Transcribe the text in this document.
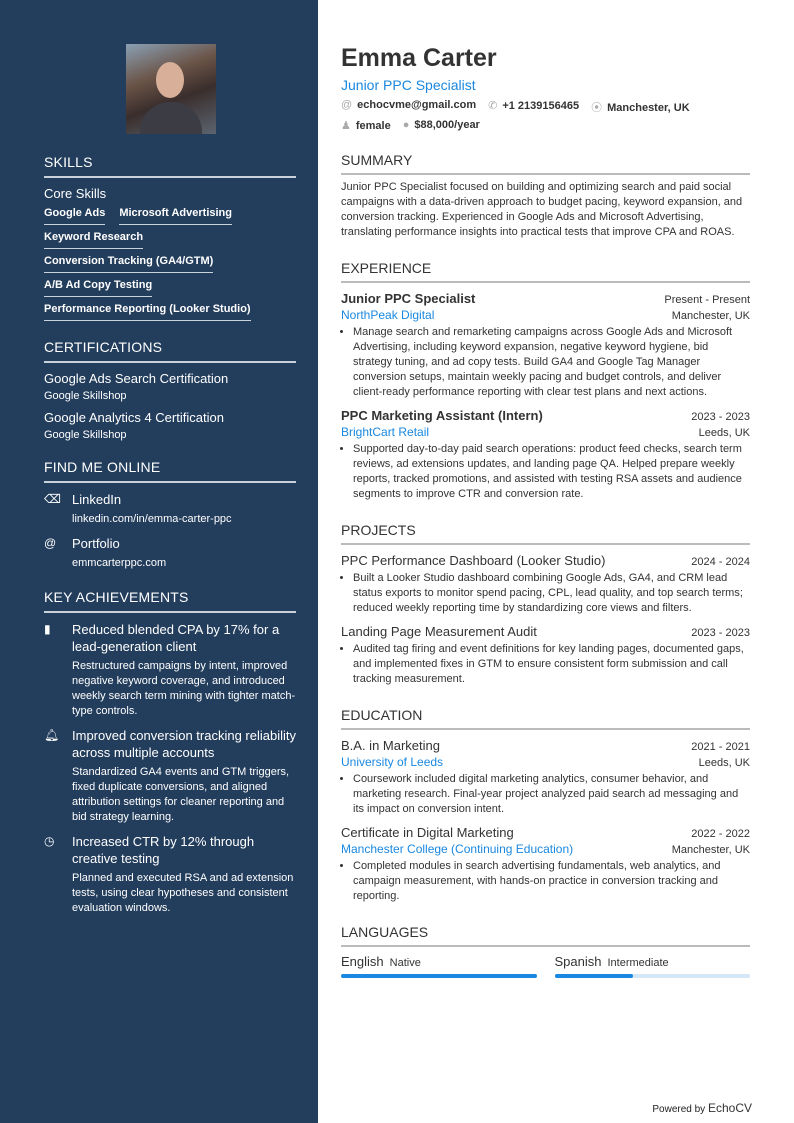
SKILLS
Core Skills
Google Ads Microsoft Advertising
Keyword Research
Conversion Tracking (GA4/GTM)
A/B Ad Copy Testing
Performance Reporting (Looker Studio)
CERTIFICATIONS
Google Ads Search Certification
Google Skillshop
Google Analytics 4 Certification
Google Skillshop
FIND ME ONLINE
⌫ LinkedIn
linkedin.com/in/emma-carter-ppc
@	Portfolio
emmcarterppc.com
KEY ACHIEVEMENTS
▮	Reduced blended CPA by 17% for a lead-generation client
Restructured campaigns by intent, improved negative keyword coverage, and introduced weekly search term mining with tighter match-type controls.
🔔︎ Improved conversion tracking reliability across multiple accounts
Standardized GA4 events and GTM triggers, fixed duplicate conversions, and aligned attribution settings for cleaner reporting and bid strategy learning.
◷	Increased CTR by 12% through creative testing
Planned and executed RSA and ad extension tests, using clear hypotheses and consistent evaluation windows.
Emma Carter
Junior PPC Specialist
@ echocvme@gmail.com ✆ +1 2139156465 ⦿ Manchester, UK
♟ female ● $88,000/year
SUMMARY

Junior PPC Specialist focused on building and optimizing search and paid social campaigns with a data-driven approach to budget pacing, keyword expansion, and conversion tracking. Experienced in Google Ads and Microsoft Advertising, translating performance insights into practical tests that improve CPA and ROAS.

EXPERIENCE
Junior PPC Specialist	Present - Present
NorthPeak Digital	Manchester, UK
• Manage search and remarketing campaigns across Google Ads and Microsoft Advertising, including keyword expansion, negative keyword hygiene, bid strategy tuning, and ad copy tests. Build GA4 and Google Tag Manager conversion setups, maintain weekly pacing and budget controls, and deliver client-ready performance reporting with clear test plans and next actions.
PPC Marketing Assistant (Intern)	2023 - 2023
BrightCart Retail	Leeds, UK
• Supported day-to-day paid search operations: product feed checks, search term reviews, ad extensions updates, and landing page QA. Helped prepare weekly reports, tracked promotions, and assisted with testing RSA assets and audience segments to improve CTR and conversion rate.
PROJECTS
PPC Performance Dashboard (Looker Studio)	2024 - 2024
• Built a Looker Studio dashboard combining Google Ads, GA4, and CRM lead status exports to monitor spend pacing, CPL, lead quality, and top search terms; reduced weekly reporting time by standardizing core views and filters.
Landing Page Measurement Audit	2023 - 2023
• Audited tag firing and event definitions for key landing pages, documented gaps, and implemented fixes in GTM to ensure consistent form submission and call tracking measurement.
EDUCATION
B.A. in Marketing	2021 - 2021
University of Leeds	Leeds, UK
• Coursework included digital marketing analytics, consumer behavior, and marketing research. Final-year project analyzed paid search ad messaging and its impact on conversion intent.
Certificate in Digital Marketing	2022 - 2022
Manchester College (Continuing Education)	Manchester, UK
• Completed modules in search advertising fundamentals, web analytics, and campaign measurement, with hands-on practice in conversion tracking and reporting.
LANGUAGES
English Native	Spanish Intermediate
Powered by EchoCV
